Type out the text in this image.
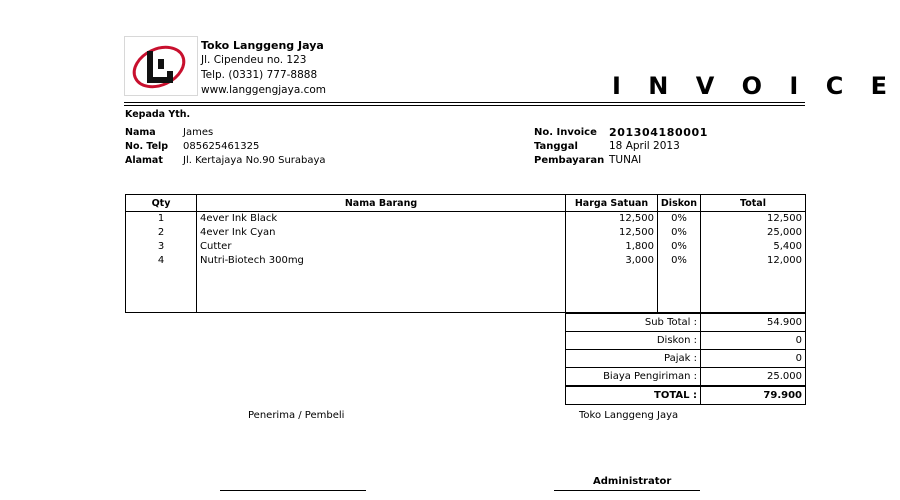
Toko Langgeng Jaya
Jl. Cipendeu no. 123
Telp. (0331) 777-8888
www.langgengjaya.com	I N V O I C E
Kepada Yth.
Nama	James
No. Telp 085625461325
Alamat Jl. Kertajaya No.90 Surabaya
No. Invoice 201304180001
Tanggal	18 April 2013
Pembayaran TUNAI
Qty	Nama Barang	Harga Satuan	Diskon	Total
1	4ever Ink Black	12,500	0%	12,500
2	4ever Ink Cyan	12,500	0%	25,000
3	Cutter	1,800	0%	5,400
4	Nutri-Biotech 300mg	3,000	0%	12,000

Sub Total :	54.900
Diskon :	0
Pajak :	0
Biaya Pengiriman :	25.000
TOTAL :	79.900
Penerima / Pembeli	Toko Langgeng Jaya
Administrator
